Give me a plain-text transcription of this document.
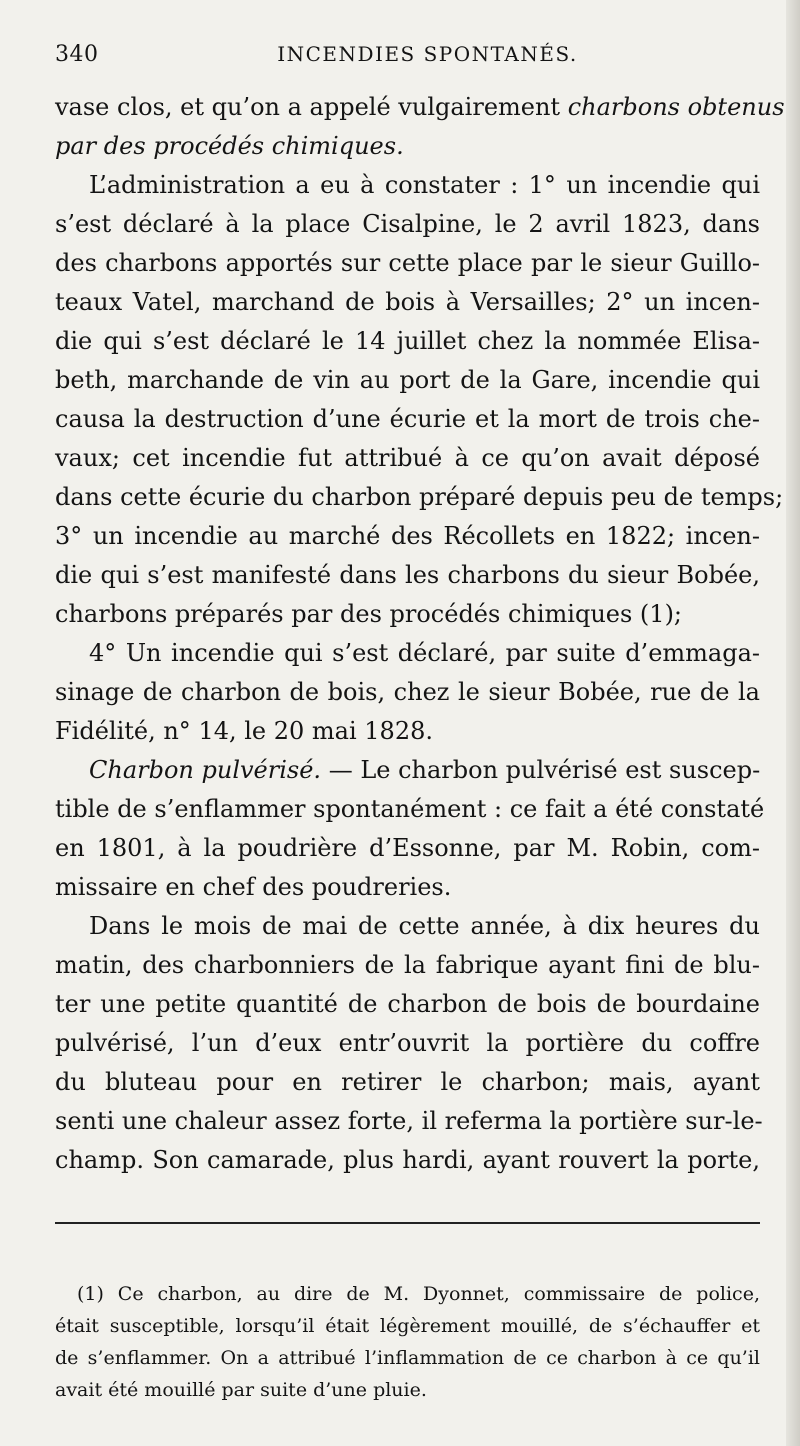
340	INCENDIES SPONTANÉS.
vase clos, et qu’on a appelé vulgairement charbons obtenus
par des procédés chimiques.
L’administration a eu à constater : 1° un incendie qui
s’est déclaré à la place Cisalpine, le 2 avril 1823, dans
des charbons apportés sur cette place par le sieur Guillo-
teaux Vatel, marchand de bois à Versailles; 2° un incen-
die qui s’est déclaré le 14 juillet chez la nommée Elisa-
beth, marchande de vin au port de la Gare, incendie qui
causa la destruction d’une écurie et la mort de trois che-
vaux; cet incendie fut attribué à ce qu’on avait déposé
dans cette écurie du charbon préparé depuis peu de temps;
3° un incendie au marché des Récollets en 1822; incen-
die qui s’est manifesté dans les charbons du sieur Bobée,
charbons préparés par des procédés chimiques (1);
4° Un incendie qui s’est déclaré, par suite d’emmaga-
sinage de charbon de bois, chez le sieur Bobée, rue de la
Fidélité, n° 14, le 20 mai 1828.
Charbon pulvérisé. — Le charbon pulvérisé est suscep-
tible de s’enflammer spontanément : ce fait a été constaté
en 1801, à la poudrière d’Essonne, par M. Robin, com-
missaire en chef des poudreries.
Dans le mois de mai de cette année, à dix heures du
matin, des charbonniers de la fabrique ayant fini de blu-
ter une petite quantité de charbon de bois de bourdaine
pulvérisé, l’un d’eux entr’ouvrit la portière du coffre
du bluteau pour en retirer le charbon; mais, ayant
senti une chaleur assez forte, il referma la portière sur-le-
champ. Son camarade, plus hardi, ayant rouvert la porte,
(1) Ce charbon, au dire de M. Dyonnet, commissaire de police,
était susceptible, lorsqu’il était légèrement mouillé, de s’échauffer et
de s’enflammer. On a attribué l’inflammation de ce charbon à ce qu’il
avait été mouillé par suite d’une pluie.
